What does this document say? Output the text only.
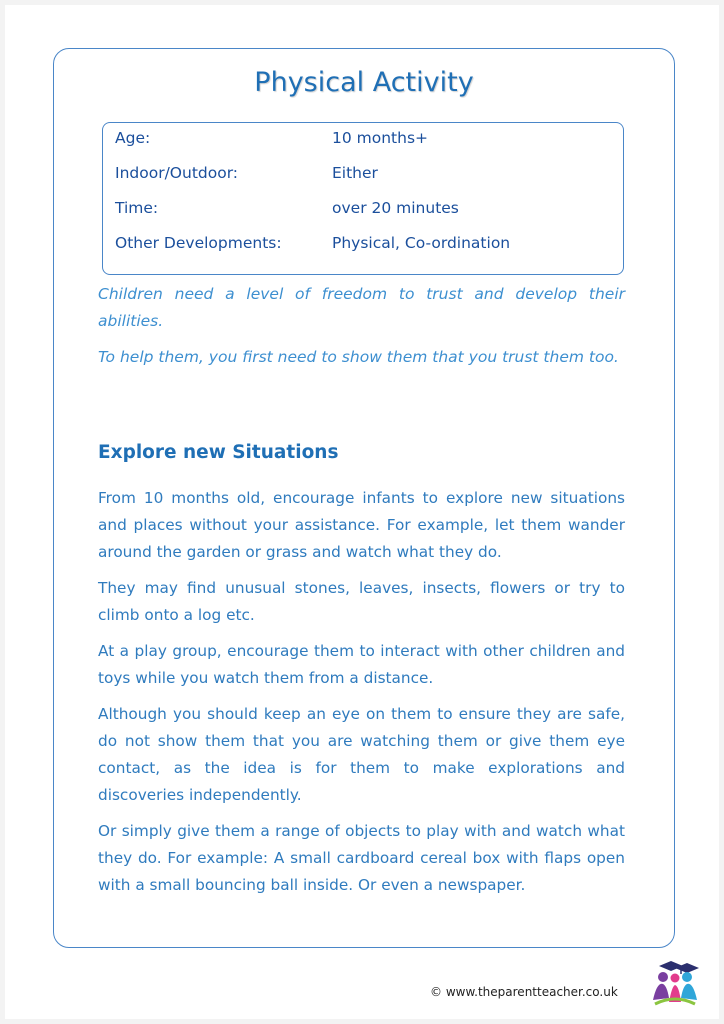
Physical Activity
Age:	10 months+
Indoor/Outdoor:	Either
Time:	over 20 minutes
Other Developments:	Physical, Co-ordination
Children need a level of freedom to trust and develop their abilities.
To help them, you first need to show them that you trust them too.
Explore new Situations
From 10 months old, encourage infants to explore new situations and places without your assistance. For example, let them wander around the garden or grass and watch what they do.
They may find unusual stones, leaves, insects, flowers or try to climb onto a log etc.
At a play group, encourage them to interact with other children and toys while you watch them from a distance.
Although you should keep an eye on them to ensure they are safe, do not show them that you are watching them or give them eye contact, as the idea is for them to make explorations and discoveries independently.
Or simply give them a range of objects to play with and watch what they do. For example: A small cardboard cereal box with flaps open with a small bouncing ball inside. Or even a newspaper.
© www.theparentteacher.co.uk
